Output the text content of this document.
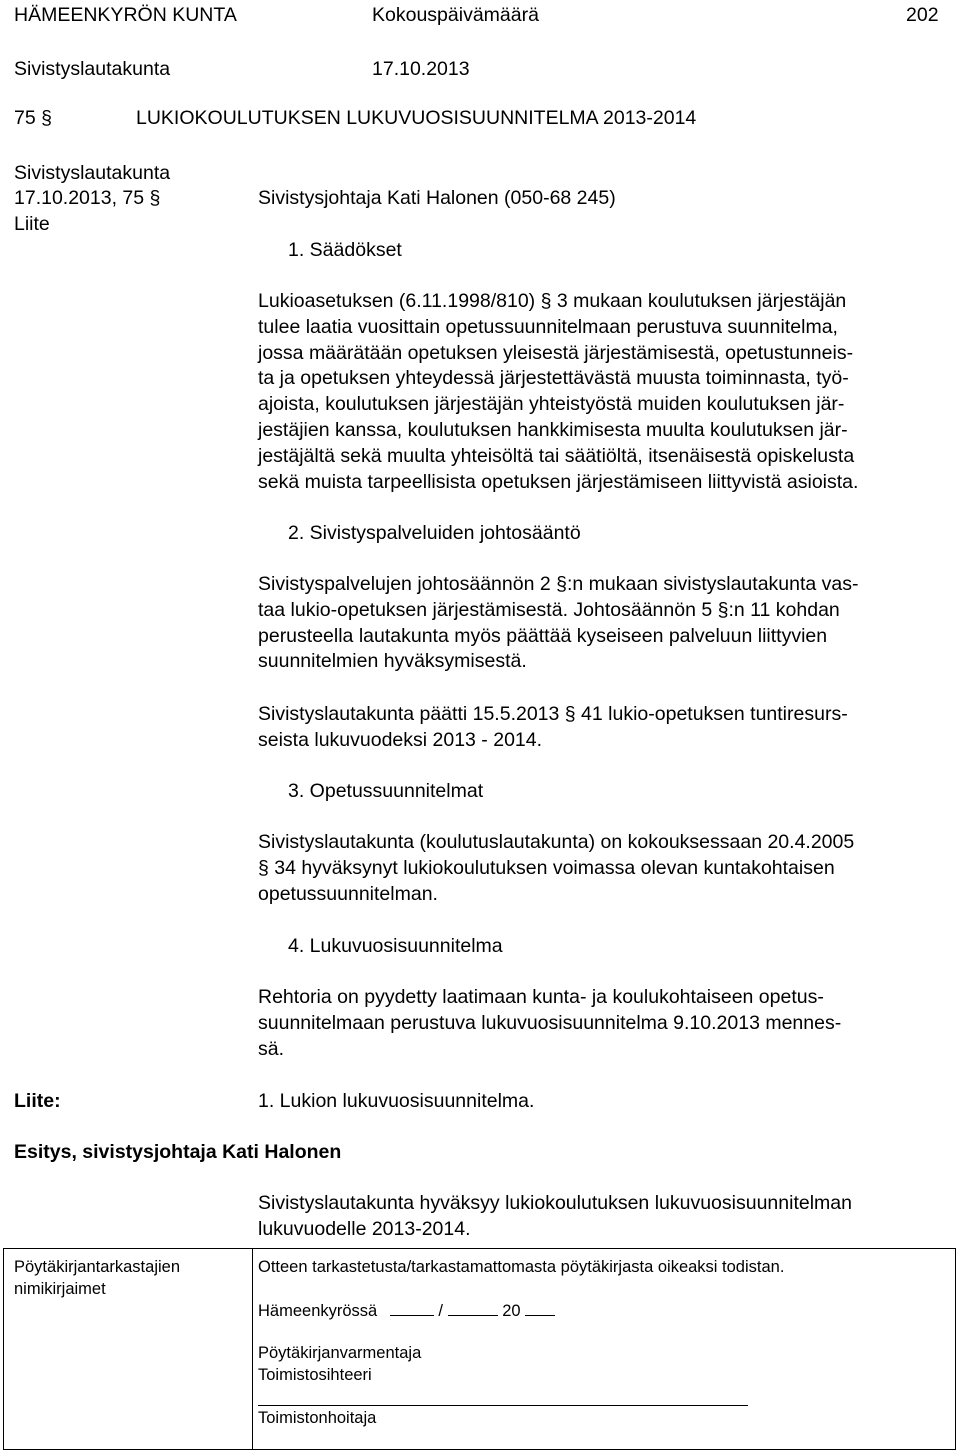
HÄMEENKYRÖN KUNTA	Kokouspäivämäärä	202
Sivistyslautakunta	17.10.2013
75 §	LUKIOKOULUTUKSEN LUKUVUOSISUUNNITELMA 2013-2014
Sivistyslautakunta
17.10.2013, 75 §
Liite
Sivistysjohtaja Kati Halonen (050-68 245)
1. Säädökset
Lukioasetuksen (6.11.1998/810) § 3 mukaan koulutuksen järjestäjän
tulee laatia vuosittain opetussuunnitelmaan perustuva suunnitelma,
jossa määrätään opetuksen yleisestä järjestämisestä, opetustunneis-
ta ja opetuksen yhteydessä järjestettävästä muusta toiminnasta, työ-
ajoista, koulutuksen järjestäjän yhteistyöstä muiden koulutuksen jär-
jestäjien kanssa, koulutuksen hankkimisesta muulta koulutuksen jär-
jestäjältä sekä muulta yhteisöltä tai säätiöltä, itsenäisestä opiskelusta
sekä muista tarpeellisista opetuksen järjestämiseen liittyvistä asioista.
2. Sivistyspalveluiden johtosääntö
Sivistyspalvelujen johtosäännön 2 §:n mukaan sivistyslautakunta vas-
taa lukio-opetuksen järjestämisestä. Johtosäännön 5 §:n 11 kohdan
perusteella lautakunta myös päättää kyseiseen palveluun liittyvien
suunnitelmien hyväksymisestä.
Sivistyslautakunta päätti 15.5.2013 § 41 lukio-opetuksen tuntiresurs-
seista lukuvuodeksi 2013 - 2014.
3. Opetussuunnitelmat
Sivistyslautakunta (koulutuslautakunta) on kokouksessaan 20.4.2005
§ 34 hyväksynyt lukiokoulutuksen voimassa olevan kuntakohtaisen
opetussuunnitelman.
4. Lukuvuosisuunnitelma
Rehtoria on pyydetty laatimaan kunta- ja koulukohtaiseen opetus-
suunnitelmaan perustuva lukuvuosisuunnitelma 9.10.2013 mennes-
sä.
Liite:	1. Lukion lukuvuosisuunnitelma.
Esitys, sivistysjohtaja Kati Halonen
Sivistyslautakunta hyväksyy lukiokoulutuksen lukuvuosisuunnitelman
lukuvuodelle 2013-2014.
Pöytäkirjantarkastajien
nimikirjaimet
Otteen tarkastetusta/tarkastamattomasta pöytäkirjasta oikeaksi todistan.
Hämeenkyrössä	/	20
Pöytäkirjanvarmentaja
Toimistosihteeri
Toimistonhoitaja
